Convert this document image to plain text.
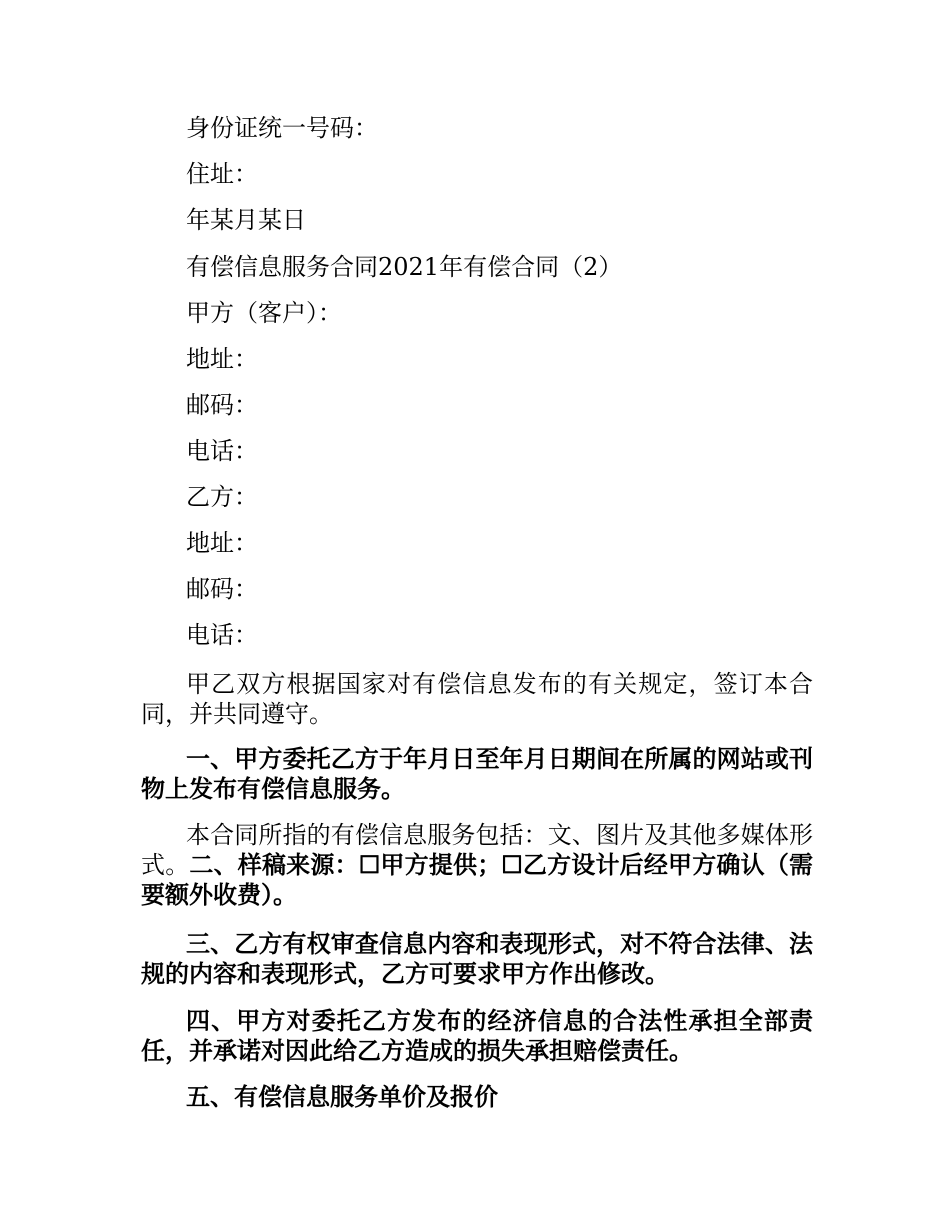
身份证统一号码：
住址：
年某月某日
有偿信息服务合同2021年有偿合同（2）
甲方（客户）：
地址：
邮码：
电话：
乙方：
地址：
邮码：
电话：
甲乙双方根据国家对有偿信息发布的有关规定，签订本合同，并共同遵守。
一、甲方委托乙方于年月日至年月日期间在所属的网站或刊物上发布有偿信息服务。
本合同所指的有偿信息服务包括：文、图片及其他多媒体形式。二、样稿来源：☐甲方提供；☐乙方设计后经甲方确认（需要额外收费）。
三、乙方有权审查信息内容和表现形式，对不符合法律、法规的内容和表现形式，乙方可要求甲方作出修改。
四、甲方对委托乙方发布的经济信息的合法性承担全部责任，并承诺对因此给乙方造成的损失承担赔偿责任。
五、有偿信息服务单价及报价
